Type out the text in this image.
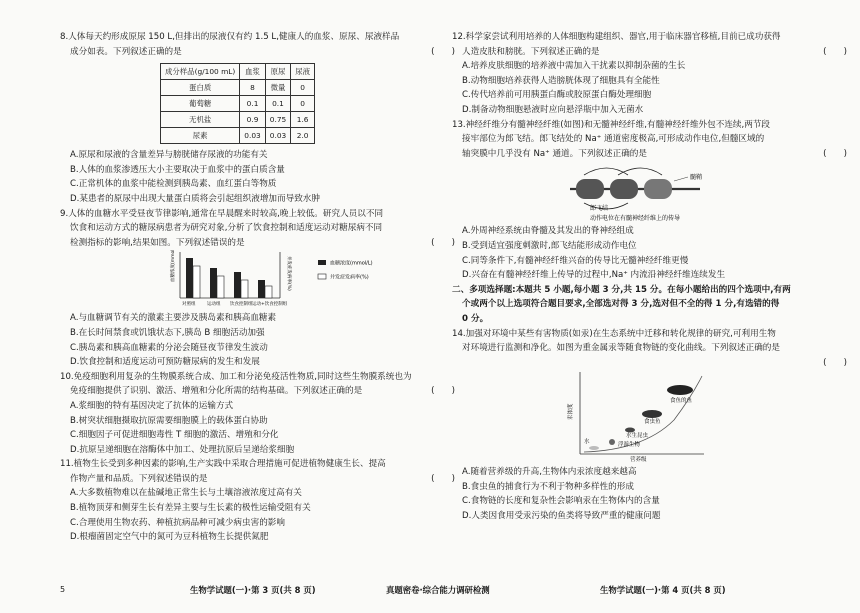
8.人体每天约形成原尿 150 L,但排出的尿液仅有约 1.5 L,健康人的血浆、原尿、尿液样品
成分如表。下列叙述正确的是	(　　)
成分样品(g/100 mL)	血浆	原尿	尿液
蛋白质	8	微量	0
葡萄糖	0.1	0.1	0
无机盐	0.9	0.75	1.6
尿素	0.03	0.03	2.0
A.原尿和尿液的含量差异与膀胱储存尿液的功能有关
B.人体的血浆渗透压大小主要取决于血浆中的蛋白质含量
C.正常机体的血浆中能检测到胰岛素、血红蛋白等物质
D.某患者的原尿中出现大量蛋白质将会引起组织液增加而导致水肿
9.人体的血糖水平受昼夜节律影响,通常在早晨醒来时较高,晚上较低。研究人员以不同
饮食和运动方式的糖尿病患者为研究对象,分析了饮食控制和适度运动对糖尿病不同
检测指标的影响,结果如图。下列叙述错误的是	(　　)
血糖浓度(mmol/L)	并发症发病率(%)
对照组	运动组 饮食控制组 运动+饮食控制组
血糖浓度(mmol/L)
并发症发病率(%)
A.与血糖调节有关的激素主要涉及胰岛素和胰高血糖素
B.在长时间禁食或饥饿状态下,胰岛 B 细胞活动加强
C.胰岛素和胰高血糖素的分泌会随昼夜节律发生波动
D.饮食控制和适度运动可预防糖尿病的发生和发展
10.免疫细胞利用复杂的生物膜系统合成、加工和分泌免疫活性物质,同时这些生物膜系统也为
免疫细胞提供了识别、激活、增殖和分化所需的结构基础。下列叙述正确的是	(　　)
A.浆细胞的特有基因决定了抗体的运输方式
B.树突状细胞摄取抗原需要细胞膜上的载体蛋白协助
C.细胞因子可促进细胞毒性 T 细胞的激活、增殖和分化
D.抗原呈递细胞在溶酶体中加工、处理抗原后呈递给浆细胞
11.植物生长受到多种因素的影响,生产实践中采取合理措施可促进植物健康生长、提高
作物产量和品质。下列叙述错误的是	(　　)
A.大多数植物难以在盐碱地正常生长与土壤溶液浓度过高有关
B.植物顶芽和侧芽生长有差异主要与生长素的极性运输受阻有关
C.合理使用生物农药、种植抗病品种可减少病虫害的影响
D.根瘤菌固定空气中的氮可为豆科植物生长提供氮肥
12.科学家尝试利用培养的人体细胞构建组织、器官,用于临床器官移植,目前已成功获得
人造皮肤和膀胱。下列叙述正确的是	(　　)
A.培养皮肤细胞的培养液中需加入干扰素以抑制杂菌的生长
B.动物细胞培养获得人造膀胱体现了细胞具有全能性
C.传代培养前可用胰蛋白酶或胶原蛋白酶处理细胞
D.制备动物细胞悬液时应向悬浮瓶中加入无菌水
13.神经纤维分有髓神经纤维(如图)和无髓神经纤维,有髓神经纤维外包不连续,两节段
接牢部位为郎飞结。郎飞结处的 Na⁺ 通道密度极高,可形成动作电位,但髓区域的
轴突膜中几乎没有 Na⁺ 通道。下列叙述正确的是	(　　)
髓鞘
郎飞结
动作电位在有髓神经纤维上的传导
A.外周神经系统由脊髓及其发出的脊神经组成
B.受到适宜强度刺激时,郎飞结能形成动作电位
C.同等条件下,有髓神经纤维兴奋的传导比无髓神经纤维更慢
D.兴奋在有髓神经纤维上传导的过程中,Na⁺ 内流沿神经纤维连续发生
二、多项选择题:本题共 5 小题,每小题 3 分,共 15 分。在每小题给出的四个选项中,有两
个或两个以上选项符合题目要求,全部选对得 3 分,选对但不全的得 1 分,有选错的得
0 分。
14.加强对环境中某些有害物质(如汞)在生态系统中迁移和转化规律的研究,可利用生物
对环境进行监测和净化。如图为重金属汞等随食物链的变化曲线。下列叙述正确的是
(　　)
汞浓度
营养级
水	浮游生物
水生昆虫
食虫鱼
食鱼的鱼
A.随着营养级的升高,生物体内汞浓度越来越高
B.食虫鱼的捕食行为不利于物种多样性的形成
C.食物链的长度和复杂性会影响汞在生物体内的含量
D.人类因食用受汞污染的鱼类将导致严重的健康问题
5	生物学试题(一)·第 3 页(共 8 页)	真题密卷·综合能力调研检测	生物学试题(一)·第 4 页(共 8 页)
